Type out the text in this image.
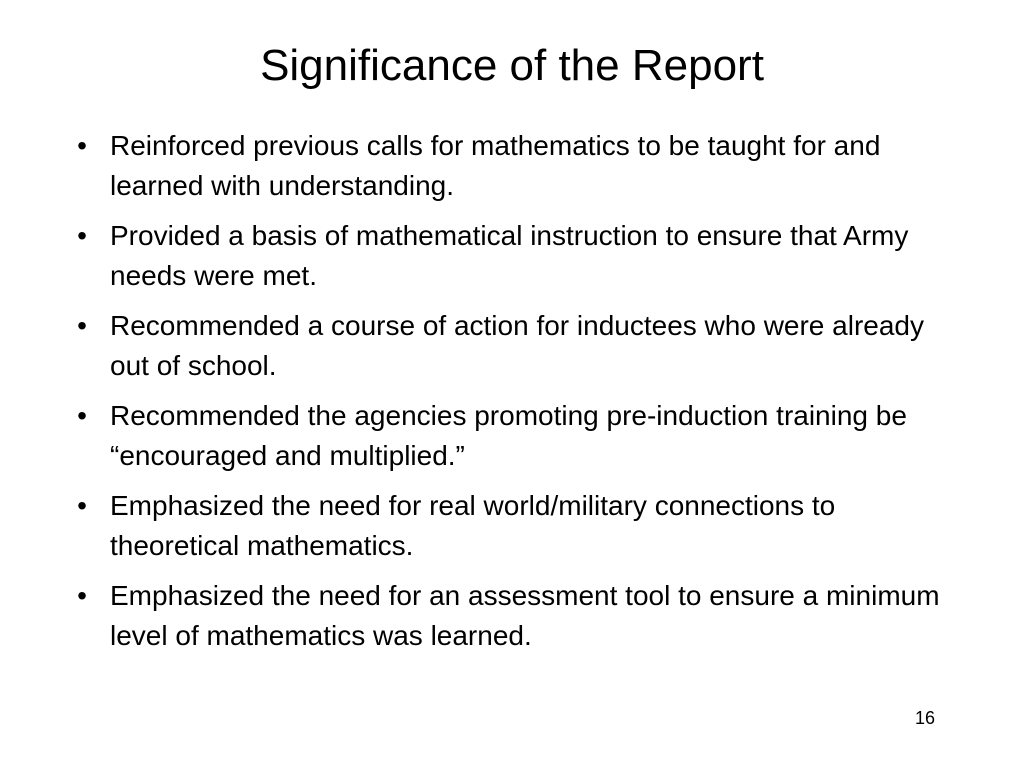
Significance of the Report
• Reinforced previous calls for mathematics to be taught for and learned with understanding.
• Provided a basis of mathematical instruction to ensure that Army needs were met.
• Recommended a course of action for inductees who were already out of school.
• Recommended the agencies promoting pre-induction training be “encouraged and multiplied.”
• Emphasized the need for real world/military connections to theoretical mathematics.
• Emphasized the need for an assessment tool to ensure a minimum level of mathematics was learned.
16
